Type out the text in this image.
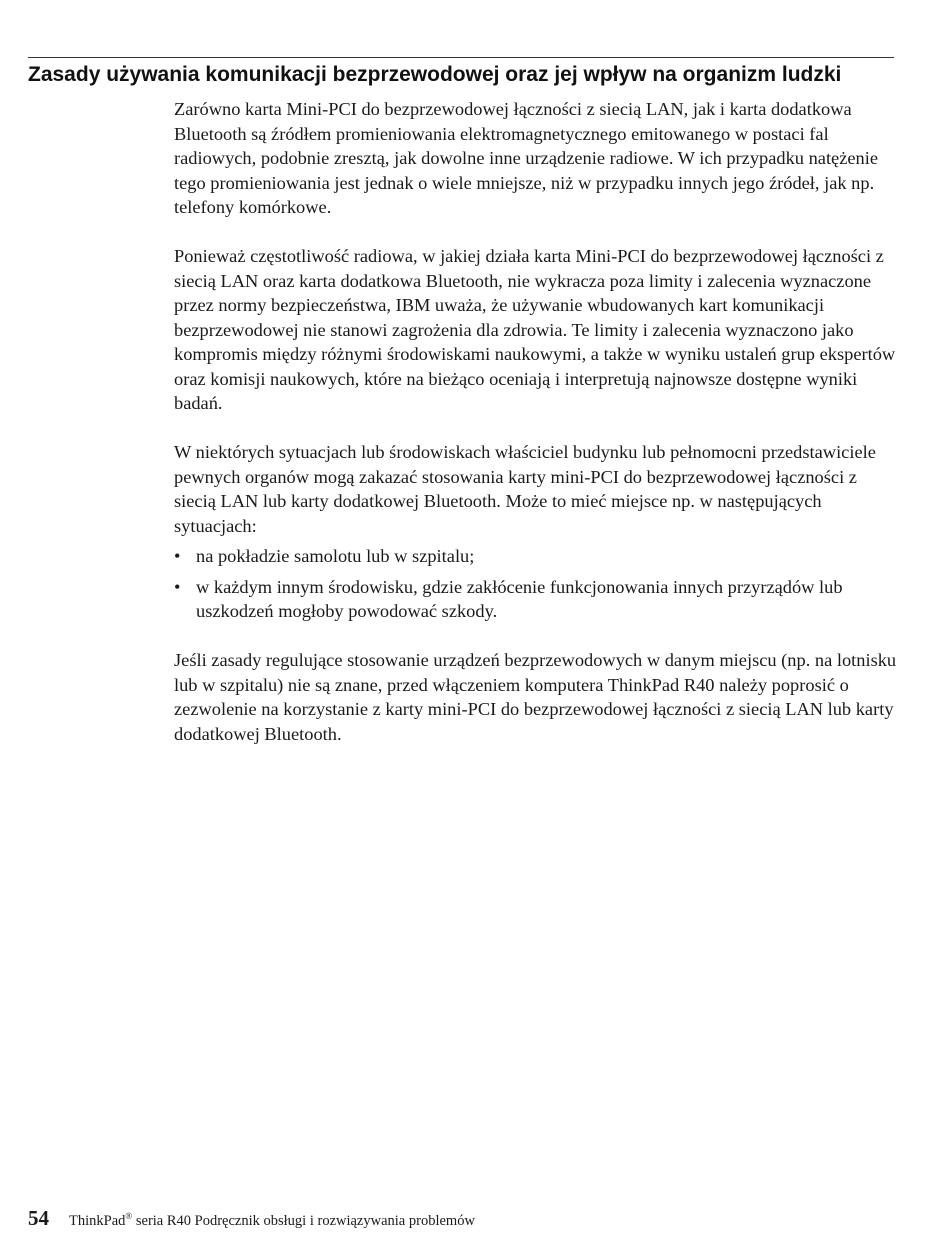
Zasady używania komunikacji bezprzewodowej oraz jej wpływ na organizm ludzki

Zarówno karta Mini-PCI do bezprzewodowej łączności z siecią LAN, jak i karta dodatkowa Bluetooth są źródłem promieniowania elektromagnetycznego emitowanego w postaci fal radiowych, podobnie zresztą, jak dowolne inne urządzenie radiowe. W ich przypadku natężenie tego promieniowania jest jednak o wiele mniejsze, niż w przypadku innych jego źródeł, jak np. telefony komórkowe.

Ponieważ częstotliwość radiowa, w jakiej działa karta Mini-PCI do bezprzewodowej łączności z siecią LAN oraz karta dodatkowa Bluetooth, nie wykracza poza limity i zalecenia wyznaczone przez normy bezpieczeństwa, IBM uważa, że używanie wbudowanych kart komunikacji bezprzewodowej nie stanowi zagrożenia dla zdrowia. Te limity i zalecenia wyznaczono jako kompromis między różnymi środowiskami naukowymi, a także w wyniku ustaleń grup ekspertów oraz komisji naukowych, które na bieżąco oceniają i interpretują najnowsze dostępne wyniki badań.

W niektórych sytuacjach lub środowiskach właściciel budynku lub pełnomocni przedstawiciele pewnych organów mogą zakazać stosowania karty mini-PCI do bezprzewodowej łączności z siecią LAN lub karty dodatkowej Bluetooth. Może to mieć miejsce np. w następujących sytuacjach:

• na pokładzie samolotu lub w szpitalu;
• w każdym innym środowisku, gdzie zakłócenie funkcjonowania innych przyrządów lub uszkodzeń mogłoby powodować szkody.

Jeśli zasady regulujące stosowanie urządzeń bezprzewodowych w danym miejscu (np. na lotnisku lub w szpitalu) nie są znane, przed włączeniem komputera ThinkPad R40 należy poprosić o zezwolenie na korzystanie z karty mini-PCI do bezprzewodowej łączności z siecią LAN lub karty dodatkowej Bluetooth.

54 ThinkPad® seria R40 Podręcznik obsługi i rozwiązywania problemów
